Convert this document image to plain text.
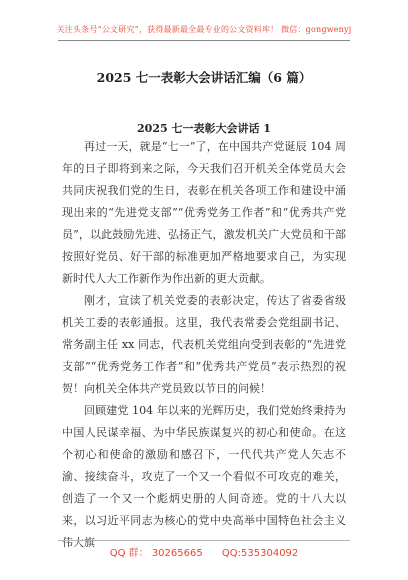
关注头条号“公文研究”，获得最新最全最专业的公文资料库！ 微信：gongwenyj
2025 七一表彰大会讲话汇编（6 篇）
2025 七一表彰大会讲话 1

再过一天，就是“七一”了，在中国共产党诞辰 104 周年的日子即将到来之际，今天我们召开机关全体党员大会共同庆祝我们党的生日，表彰在机关各项工作和建设中涌现出来的“先进党支部”“优秀党务工作者”和“优秀共产党员”，以此鼓励先进、弘扬正气，激发机关广大党员和干部按照好党员、好干部的标准更加严格地要求自己，为实现新时代人大工作新作为作出新的更大贡献。

刚才，宣读了机关党委的表彰决定，传达了省委省级机关工委的表彰通报。这里，我代表常委会党组副书记、常务副主任 xx 同志，代表机关党组向受到表彰的“先进党支部”“优秀党务工作者”和“优秀共产党员”表示热烈的祝贺！向机关全体共产党员致以节日的问候！

回顾建党 104 年以来的光辉历史，我们党始终秉持为中国人民谋幸福、为中华民族谋复兴的初心和使命。在这个初心和使命的激励和感召下，一代代共产党人矢志不渝、接续奋斗，攻克了一个又一个看似不可攻克的难关，创造了一个又一个彪炳史册的人间奇迹。党的十八大以来，以习近平同志为核心的党中央高举中国特色社会主义伟大旗

QQ 群： 30265665 QQ:535304092
